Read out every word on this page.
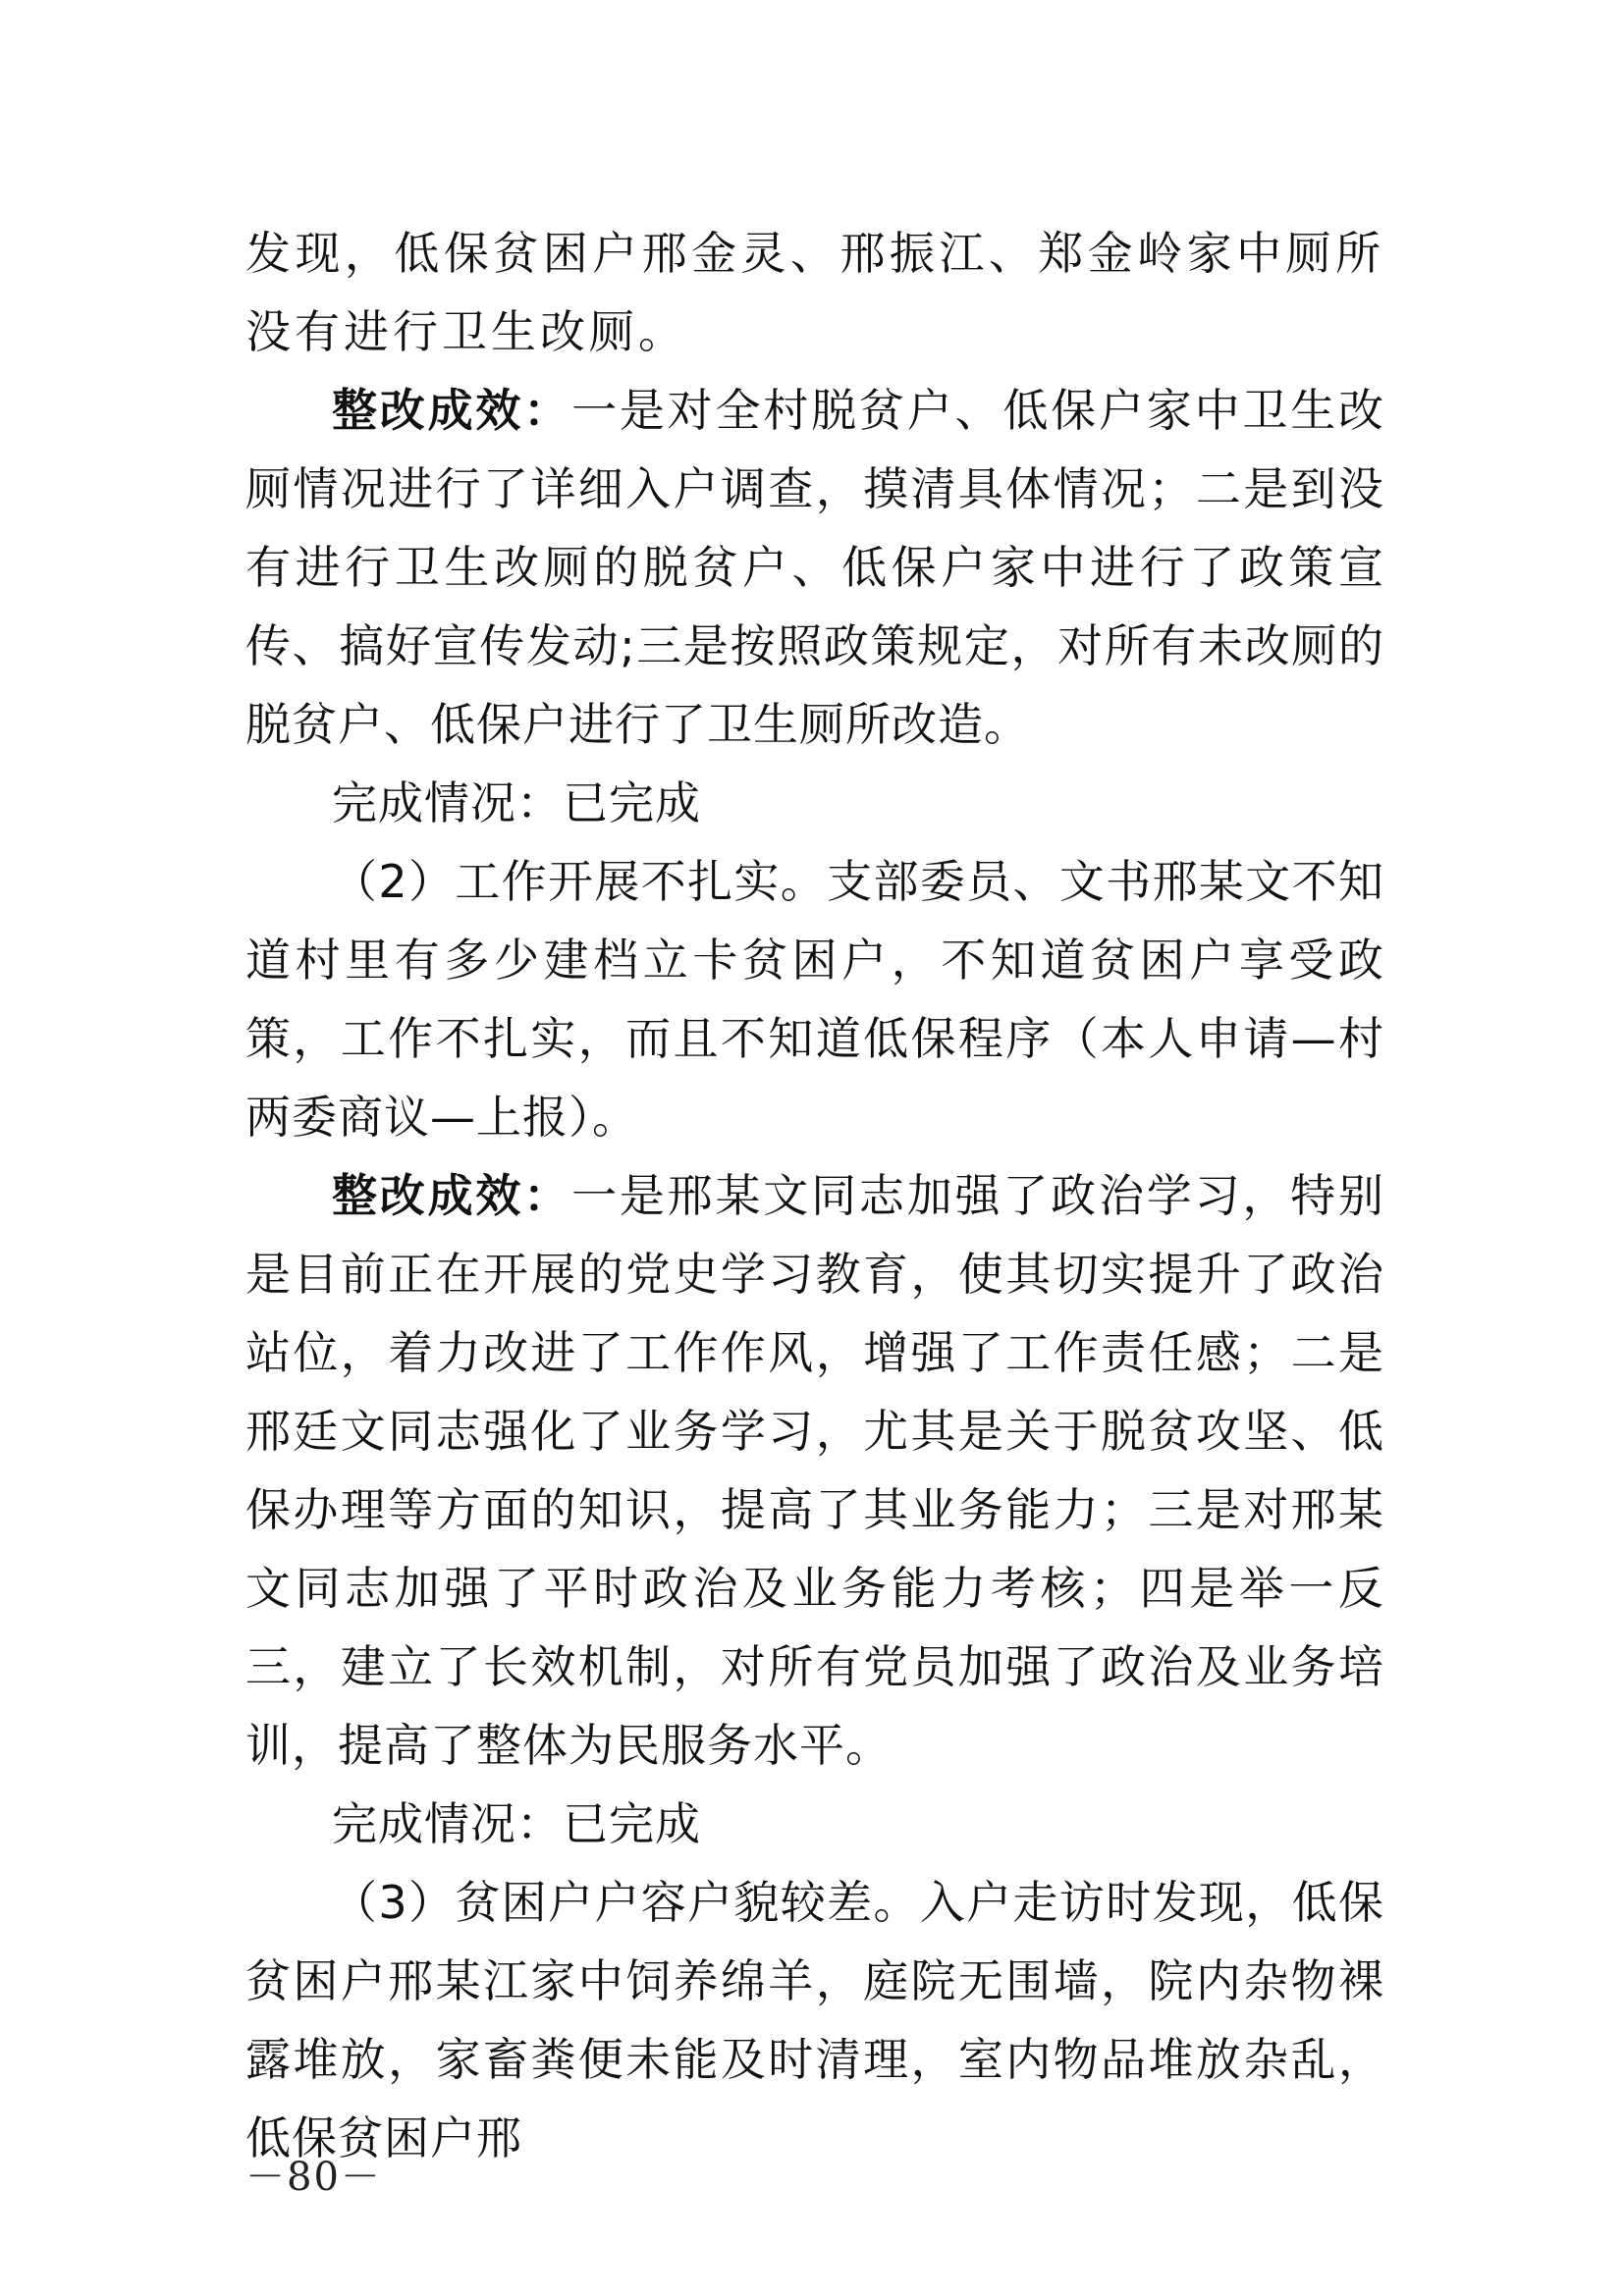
发现，低保贫困户邢金灵、邢振江、郑金岭家中厕所没有进行卫生改厕。

整改成效：一是对全村脱贫户、低保户家中卫生改厕情况进行了详细入户调查，摸清具体情况；二是到没有进行卫生改厕的脱贫户、低保户家中进行了政策宣传、搞好宣传发动;三是按照政策规定，对所有未改厕的脱贫户、低保户进行了卫生厕所改造。

完成情况：已完成

（2）工作开展不扎实。支部委员、文书邢某文不知道村里有多少建档立卡贫困户，不知道贫困户享受政策，工作不扎实，而且不知道低保程序（本人申请—村两委商议—上报）。

整改成效：一是邢某文同志加强了政治学习，特别是目前正在开展的党史学习教育，使其切实提升了政治站位，着力改进了工作作风，增强了工作责任感；二是邢廷文同志强化了业务学习，尤其是关于脱贫攻坚、低保办理等方面的知识，提高了其业务能力；三是对邢某文同志加强了平时政治及业务能力考核；四是举一反三，建立了长效机制，对所有党员加强了政治及业务培训，提高了整体为民服务水平。

完成情况：已完成

（3）贫困户户容户貌较差。入户走访时发现，低保贫困户邢某江家中饲养绵羊，庭院无围墙，院内杂物裸露堆放，家畜粪便未能及时清理，室内物品堆放杂乱，低保贫困户邢

－80－
